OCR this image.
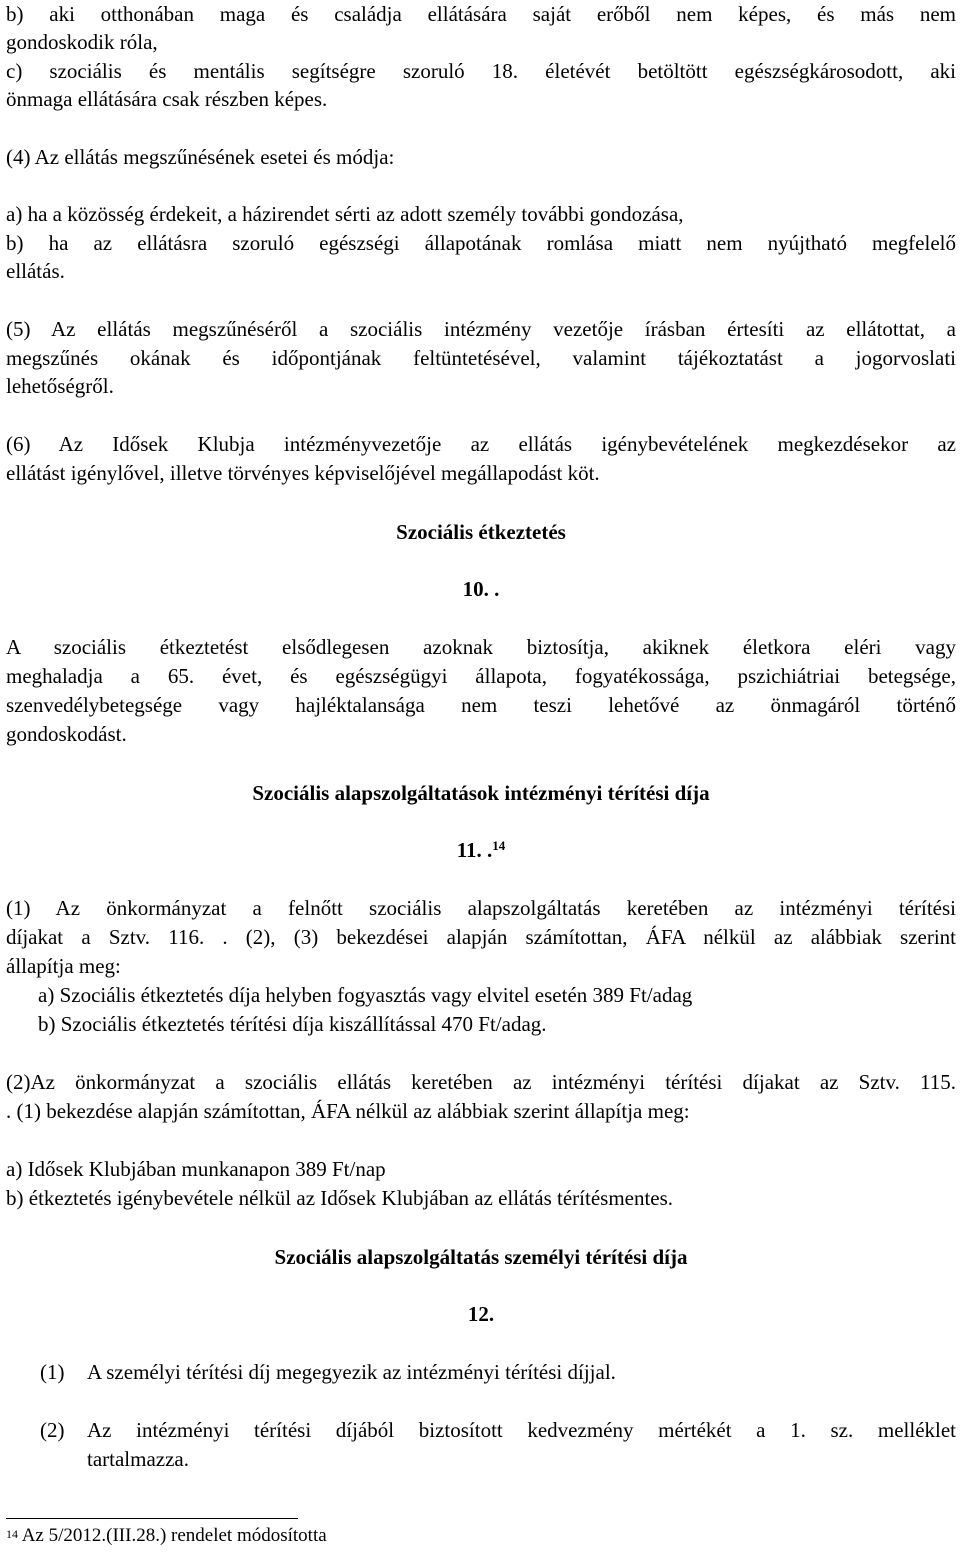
b) aki otthonában maga és családja ellátására saját erőből nem képes, és más nem
gondoskodik róla,
c) szociális és mentális segítségre szoruló 18. életévét betöltött egészségkárosodott, aki
önmaga ellátására csak részben képes.
(4) Az ellátás megszűnésének esetei és módja:
a) ha a közösség érdekeit, a házirendet sérti az adott személy további gondozása,
b) ha az ellátásra szoruló egészségi állapotának romlása miatt nem nyújtható megfelelő
ellátás.
(5) Az ellátás megszűnéséről a szociális intézmény vezetője írásban értesíti az ellátottat, a
megszűnés okának és időpontjának feltüntetésével, valamint tájékoztatást a jogorvoslati
lehetőségről.
(6) Az Idősek Klubja intézményvezetője az ellátás igénybevételének megkezdésekor az
ellátást igénylővel, illetve törvényes képviselőjével megállapodást köt.
Szociális étkeztetés
10. .
A szociális étkeztetést elsődlegesen azoknak biztosítja, akiknek életkora eléri vagy
meghaladja a 65. évet, és egészségügyi állapota, fogyatékossága, pszichiátriai betegsége,
szenvedélybetegsége vagy hajléktalansága nem teszi lehetővé az önmagáról történő
gondoskodást.
Szociális alapszolgáltatások intézményi térítési díja
11. .$^{14}$
(1) Az önkormányzat a felnőtt szociális alapszolgáltatás keretében az intézményi térítési
díjakat a Sztv. 116. . (2), (3) bekezdései alapján számítottan, ÁFA nélkül az alábbiak szerint
állapítja meg:
a) Szociális étkeztetés díja helyben fogyasztás vagy elvitel esetén 389 Ft/adag
b) Szociális étkeztetés térítési díja kiszállítással 470 Ft/adag.
(2)Az önkormányzat a szociális ellátás keretében az intézményi térítési díjakat az Sztv. 115.
. (1) bekezdése alapján számítottan, ÁFA nélkül az alábbiak szerint állapítja meg:
a) Idősek Klubjában munkanapon 389 Ft/nap
b) étkeztetés igénybevétele nélkül az Idősek Klubjában az ellátás térítésmentes.
Szociális alapszolgáltatás személyi térítési díja
12.
(1) A személyi térítési díj megegyezik az intézményi térítési díjjal.
(2) Az intézményi térítési díjából biztosított kedvezmény mértékét a 1. sz. melléklet
tartalmazza.
$^{14}$ Az 5/2012.(III.28.) rendelet módosította
